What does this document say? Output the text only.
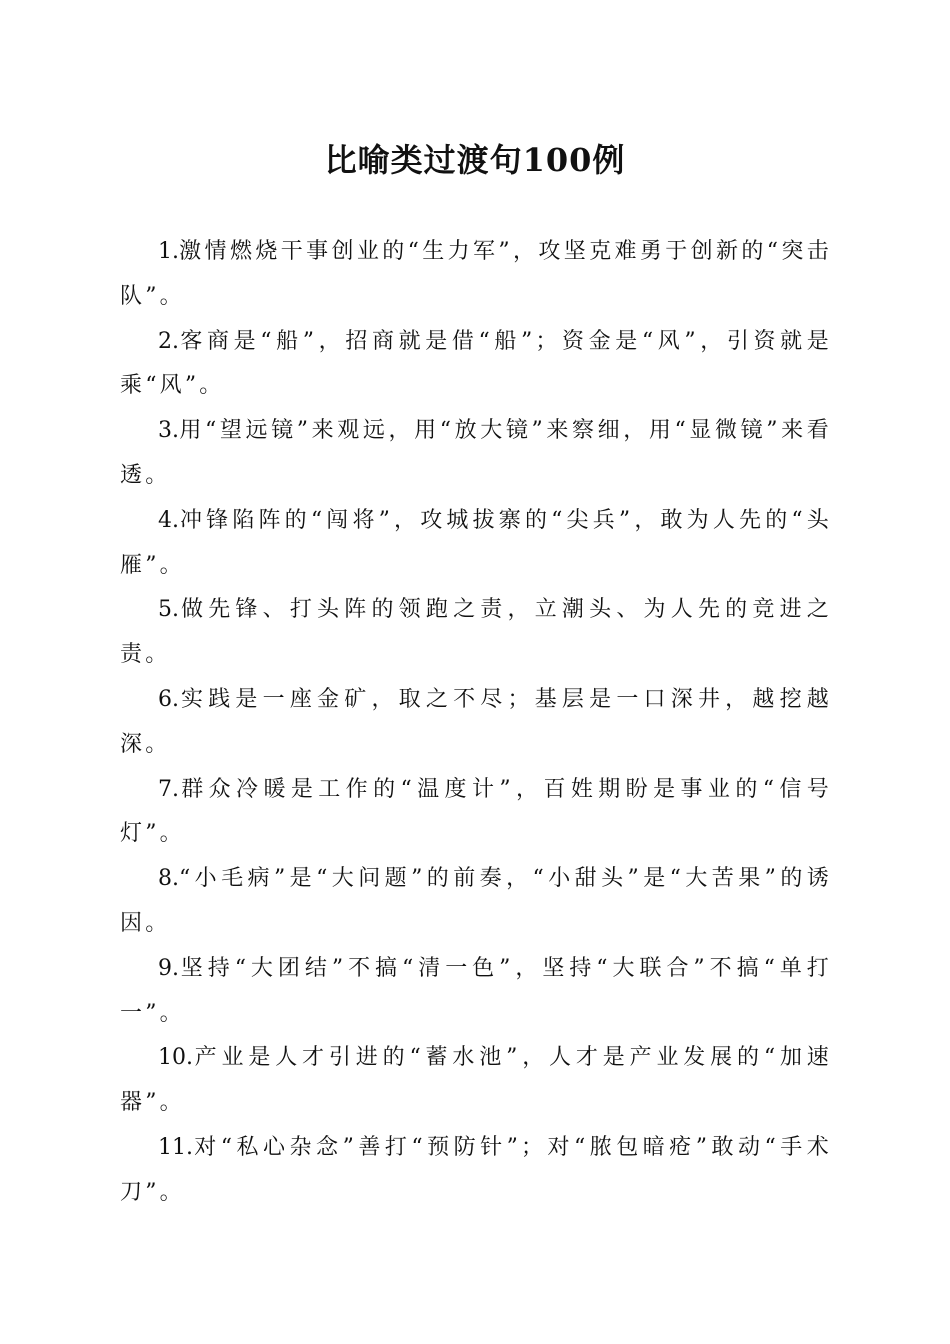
比喻类过渡句100例

1.激情燃烧干事创业的“生力军”，攻坚克难勇于创新的“突击队”。

2.客商是“船”，招商就是借“船”；资金是“风”，引资就是乘“风”。

3.用“望远镜”来观远，用“放大镜”来察细，用“显微镜”来看透。

4.冲锋陷阵的“闯将”，攻城拔寨的“尖兵”，敢为人先的“头雁”。

5.做先锋、打头阵的领跑之责，立潮头、为人先的竞进之责。

6.实践是一座金矿，取之不尽；基层是一口深井，越挖越深。

7.群众冷暖是工作的“温度计”，百姓期盼是事业的“信号灯”。

8.“小毛病”是“大问题”的前奏，“小甜头”是“大苦果”的诱因。

9.坚持“大团结”不搞“清一色”，坚持“大联合”不搞“单打一”。

10.产业是人才引进的“蓄水池”，人才是产业发展的“加速器”。

11.对“私心杂念”善打“预防针”；对“脓包暗疮”敢动“手术刀”。
